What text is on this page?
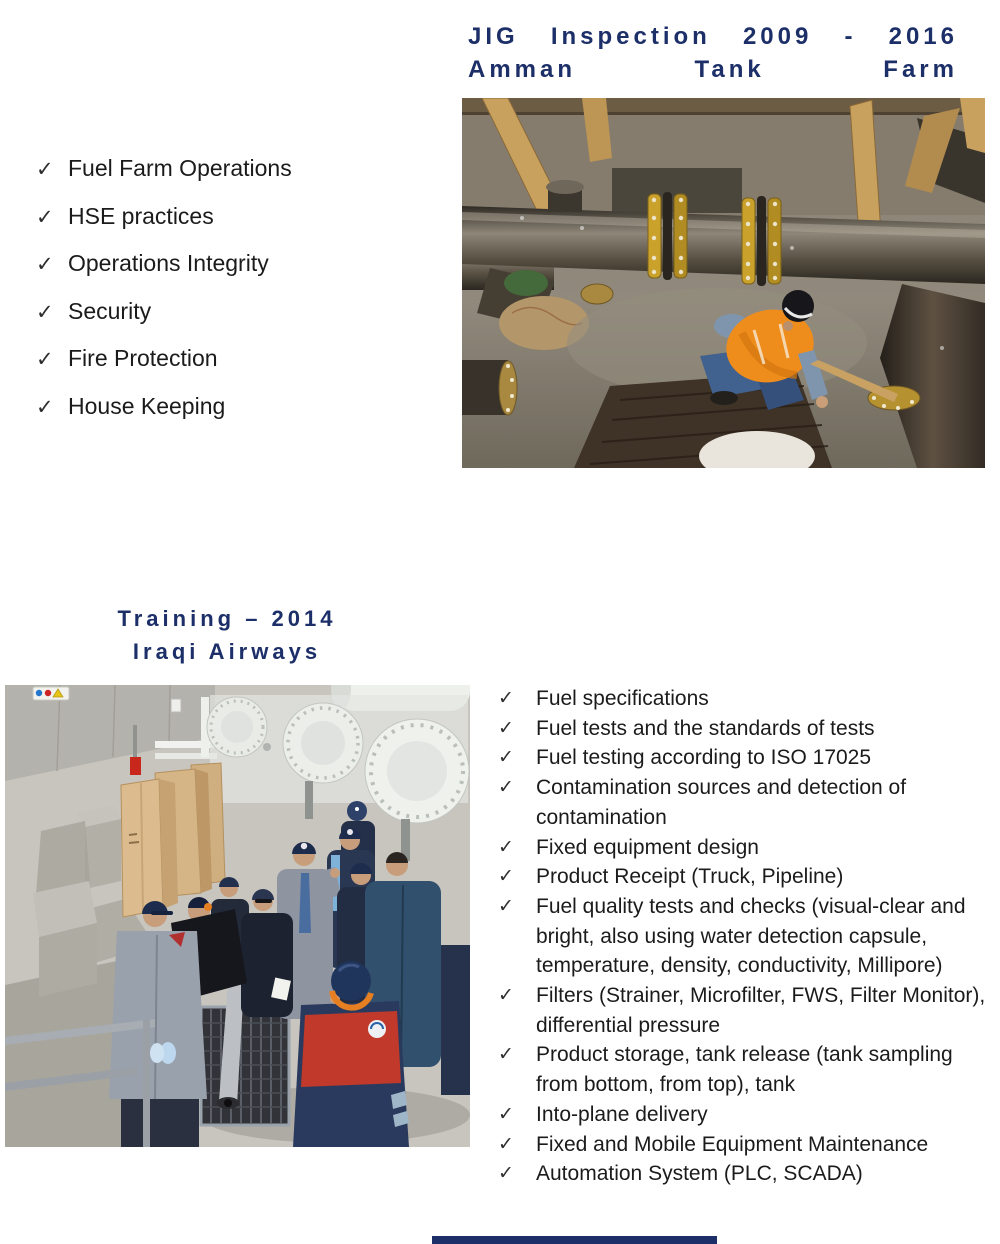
JIG Inspection 2009 - 2016
Amman	Tank	Farm
✓ Fuel Farm Operations
✓ HSE practices
✓ Operations Integrity
✓ Security
✓ Fire Protection
✓ House Keeping
Training – 2014
Iraqi Airways
✓ Fuel specifications
✓ Fuel tests and the standards of tests
✓ Fuel testing according to ISO 17025
✓ Contamination sources and detection of contamination
✓ Fixed equipment design
✓ Product Receipt (Truck, Pipeline)
✓ Fuel quality tests and checks (visual-clear and bright, also using water detection capsule, temperature, density, conductivity, Millipore)
✓ Filters (Strainer, Microfilter, FWS, Filter Monitor), differential pressure
✓ Product storage, tank release (tank sampling from bottom, from top), tank
✓ Into-plane delivery
✓ Fixed and Mobile Equipment Maintenance
✓ Automation System (PLC, SCADA)
